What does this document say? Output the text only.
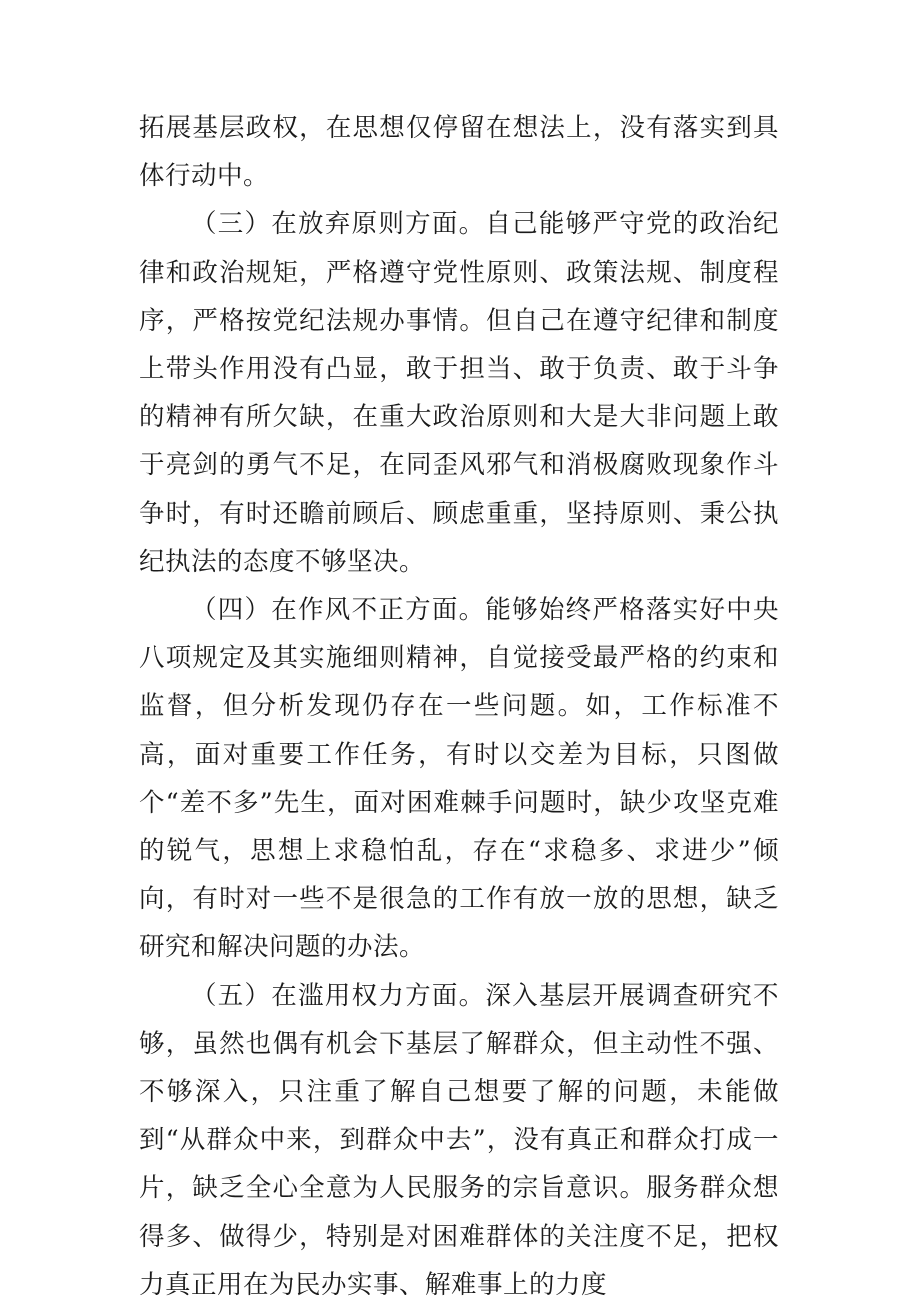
拓展基层政权，在思想仅停留在想法上，没有落实到具体行动中。

（三）在放弃原则方面。自己能够严守党的政治纪律和政治规矩，严格遵守党性原则、政策法规、制度程序，严格按党纪法规办事情。但自己在遵守纪律和制度上带头作用没有凸显，敢于担当、敢于负责、敢于斗争的精神有所欠缺，在重大政治原则和大是大非问题上敢于亮剑的勇气不足，在同歪风邪气和消极腐败现象作斗争时，有时还瞻前顾后、顾虑重重，坚持原则、秉公执纪执法的态度不够坚决。

（四）在作风不正方面。能够始终严格落实好中央八项规定及其实施细则精神，自觉接受最严格的约束和监督，但分析发现仍存在一些问题。如，工作标准不高，面对重要工作任务，有时以交差为目标，只图做个“差不多”先生，面对困难棘手问题时，缺少攻坚克难的锐气，思想上求稳怕乱，存在“求稳多、求进少”倾向，有时对一些不是很急的工作有放一放的思想，缺乏研究和解决问题的办法。

（五）在滥用权力方面。深入基层开展调查研究不够，虽然也偶有机会下基层了解群众，但主动性不强、不够深入，只注重了解自己想要了解的问题，未能做到“从群众中来，到群众中去”，没有真正和群众打成一片，缺乏全心全意为人民服务的宗旨意识。服务群众想得多、做得少，特别是对困难群体的关注度不足，把权力真正用在为民办实事、解难事上的力度
